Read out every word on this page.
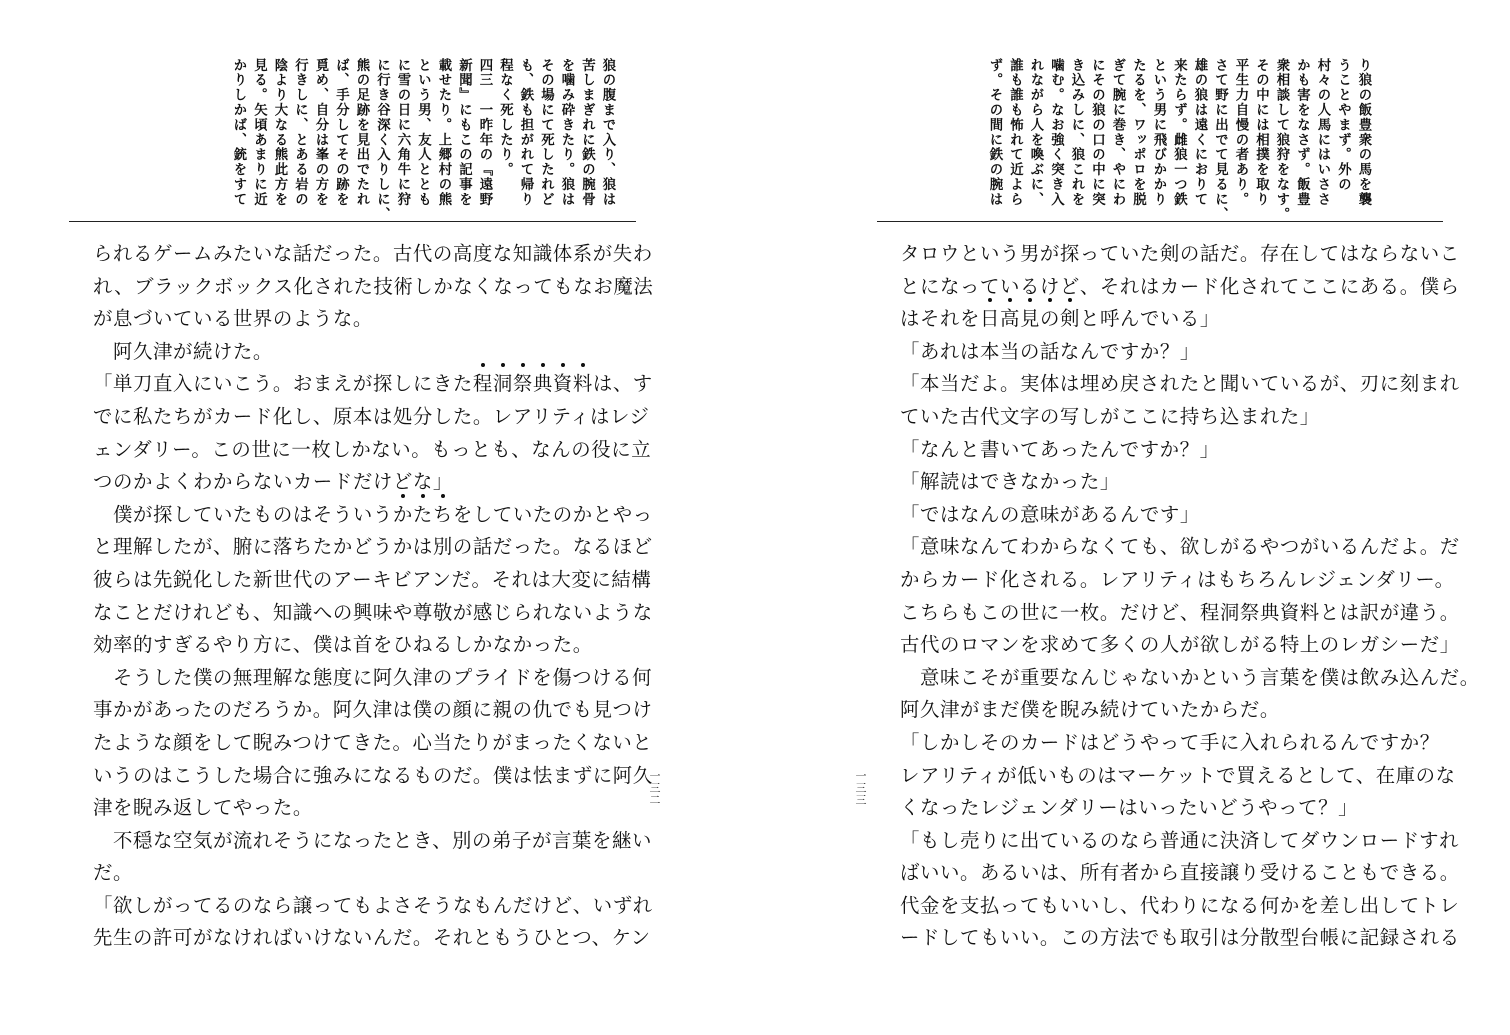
狼の腹まで入り、狼は

苦しまぎれに鉄の腕骨

を噛み砕きたり。狼は

その場にて死したれど

も、鉄も担がれて帰り

程なく死したり。

四三　一昨年の『遠野

新聞』にもこの記事を

載せたり。上郷村の熊

という男、友人ととも

に雪の日に六角牛に狩

に行き谷深く入りしに、

熊の足跡を見出でたれ

ば、手分してその跡を

覓め、自分は峯の方を

行きしに、とある岩の

陰より大なる熊此方を

見る。矢頃あまりに近

かりしかば、銃をすて

られるゲームみたいな話だった。古代の高度な知識体系が失わ

れ、ブラックボックス化された技術しかなくなってもなお魔法

が息づいている世界のような。

　阿久津が続けた。

「単刀直入にいこう。おまえが探しにきた程洞祭典資料は、す

でに私たちがカード化し、原本は処分した。レアリティはレジ

ェンダリー。この世に一枚しかない。もっとも、なんの役に立

つのかよくわからないカードだけどな」

　僕が探していたものはそういうかたちをしていたのかとやっ

と理解したが、腑に落ちたかどうかは別の話だった。なるほど

彼らは先鋭化した新世代のアーキビアンだ。それは大変に結構

なことだけれども、知識への興味や尊敬が感じられないような

効率的すぎるやり方に、僕は首をひねるしかなかった。

　そうした僕の無理解な態度に阿久津のプライドを傷つける何

事かがあったのだろうか。阿久津は僕の顔に親の仇でも見つけ

たような顔をして睨みつけてきた。心当たりがまったくないと

いうのはこうした場合に強みになるものだ。僕は怯まずに阿久

津を睨み返してやった。

　不穏な空気が流れそうになったとき、別の弟子が言葉を継い

だ。

「欲しがってるのなら譲ってもよさそうなもんだけど、いずれ

先生の許可がなければいけないんだ。それともうひとつ、ケン

一三二

り狼の飯豊衆の馬を襲

うことやまず。外の

村々の人馬にはいささ

かも害をなさず。飯豊

衆相談して狼狩をなす。

その中には相撲を取り

平生力自慢の者あり。

さて野に出でて見るに、

雄の狼は遠くにおりて

来たらず。雌狼一つ鉄

という男に飛びかかり

たるを、ワッポロを脱

ぎて腕に巻き、やにわ

にその狼の口の中に突

き込みしに、狼これを

噛む。なお強く突き入

れながら人を喚ぶに、

誰も誰も怖れて近よら

ず。その間に鉄の腕は

タロウという男が探っていた剣の話だ。存在してはならないこ

とになっているけど、それはカード化されてここにある。僕ら

はそれを日高見の剣と呼んでいる」

「あれは本当の話なんですか？」

「本当だよ。実体は埋め戻されたと聞いているが、刃に刻まれ

ていた古代文字の写しがここに持ち込まれた」

「なんと書いてあったんですか？」

「解読はできなかった」

「ではなんの意味があるんです」

「意味なんてわからなくても、欲しがるやつがいるんだよ。だ

からカード化される。レアリティはもちろんレジェンダリー。

こちらもこの世に一枚。だけど、程洞祭典資料とは訳が違う。

古代のロマンを求めて多くの人が欲しがる特上のレガシーだ」

　意味こそが重要なんじゃないかという言葉を僕は飲み込んだ。

阿久津がまだ僕を睨み続けていたからだ。

「しかしそのカードはどうやって手に入れられるんですか？

レアリティが低いものはマーケットで買えるとして、在庫のな

くなったレジェンダリーはいったいどうやって？」

「もし売りに出ているのなら普通に決済してダウンロードすれ

ばいい。あるいは、所有者から直接譲り受けることもできる。

代金を支払ってもいいし、代わりになる何かを差し出してトレ

ードしてもいい。この方法でも取引は分散型台帳に記録される

一三三
